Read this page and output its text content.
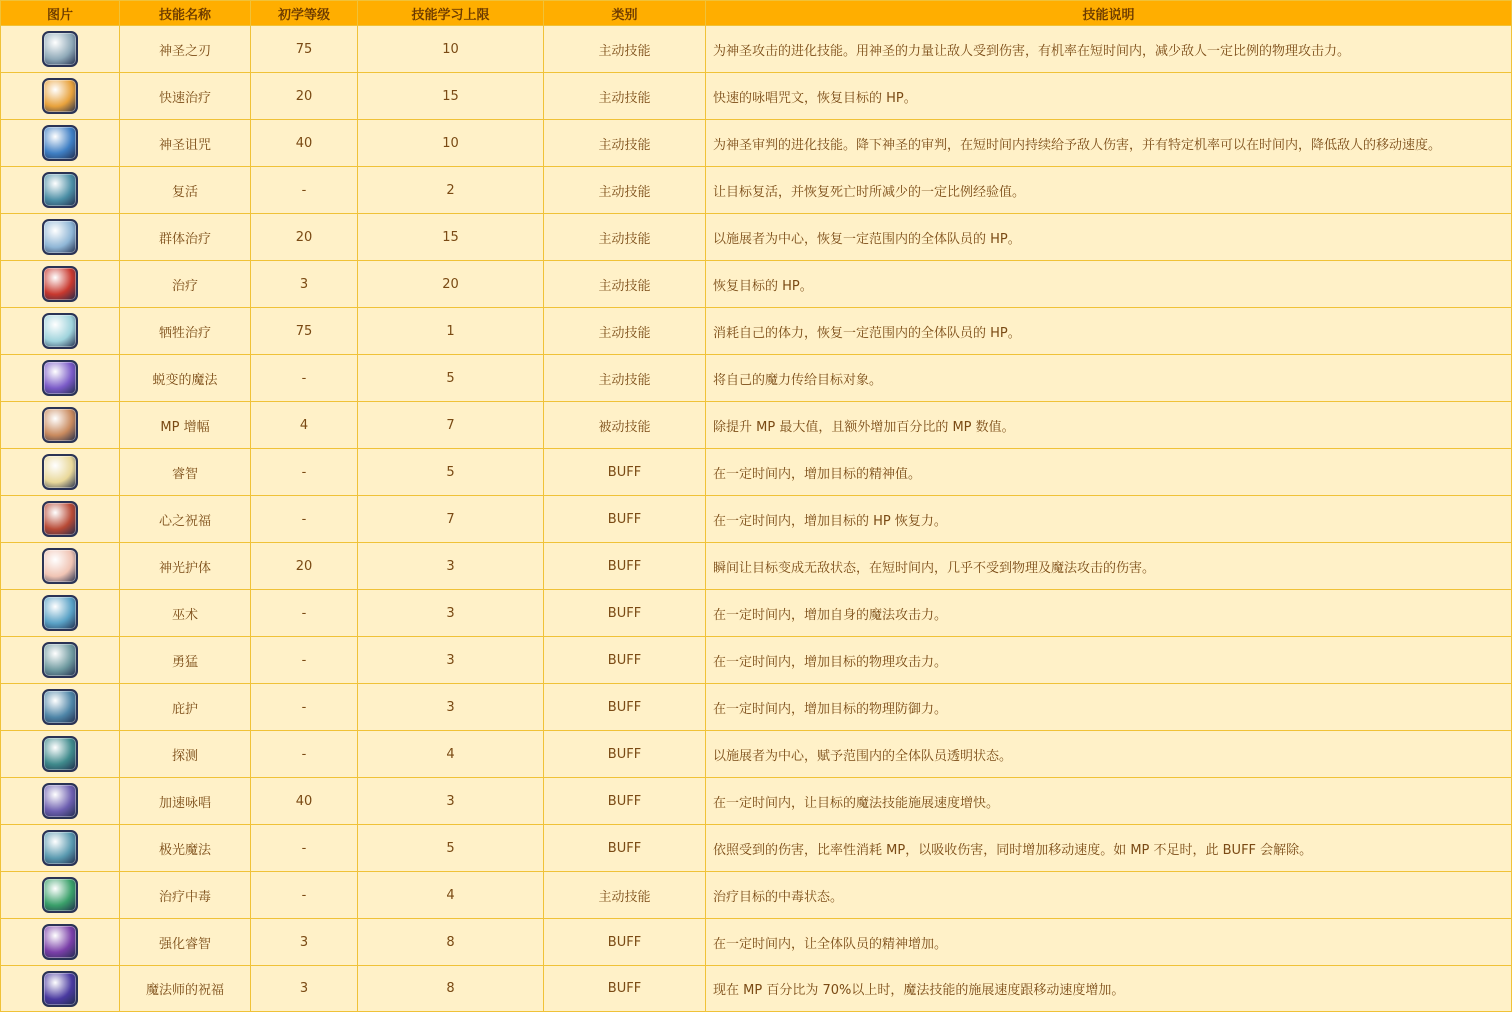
图片	技能名称	初学等级	技能学习上限	类别	技能说明
	神圣之刃	75	10	主动技能	为神圣攻击的进化技能。用神圣的力量让敌人受到伤害，有机率在短时间内，减少敌人一定比例的物理攻击力。
	快速治疗	20	15	主动技能	快速的咏唱咒文，恢复目标的 HP。
	神圣诅咒	40	10	主动技能	为神圣审判的进化技能。降下神圣的审判，在短时间内持续给予敌人伤害，并有特定机率可以在时间内，降低敌人的移动速度。
	复活	-	2	主动技能	让目标复活，并恢复死亡时所减少的一定比例经验值。
	群体治疗	20	15	主动技能	以施展者为中心，恢复一定范围内的全体队员的 HP。
	治疗	3	20	主动技能	恢复目标的 HP。
	牺牲治疗	75	1	主动技能	消耗自己的体力，恢复一定范围内的全体队员的 HP。
	蜕变的魔法	-	5	主动技能	将自己的魔力传给目标对象。
	MP 增幅	4	7	被动技能	除提升 MP 最大值，且额外增加百分比的 MP 数值。
	睿智	-	5	BUFF	在一定时间内，增加目标的精神值。
	心之祝福	-	7	BUFF	在一定时间内，增加目标的 HP 恢复力。
	神光护体	20	3	BUFF	瞬间让目标变成无敌状态，在短时间内，几乎不受到物理及魔法攻击的伤害。
	巫术	-	3	BUFF	在一定时间内，增加自身的魔法攻击力。
	勇猛	-	3	BUFF	在一定时间内，增加目标的物理攻击力。
	庇护	-	3	BUFF	在一定时间内，增加目标的物理防御力。
	探测	-	4	BUFF	以施展者为中心，赋予范围内的全体队员透明状态。
	加速咏唱	40	3	BUFF	在一定时间内，让目标的魔法技能施展速度增快。
	极光魔法	-	5	BUFF	依照受到的伤害，比率性消耗 MP，以吸收伤害，同时增加移动速度。如 MP 不足时，此 BUFF 会解除。
	治疗中毒	-	4	主动技能	治疗目标的中毒状态。
	强化睿智	3	8	BUFF	在一定时间内，让全体队员的精神增加。
	魔法师的祝福	3	8	BUFF	现在 MP 百分比为 70%以上时，魔法技能的施展速度跟移动速度增加。
